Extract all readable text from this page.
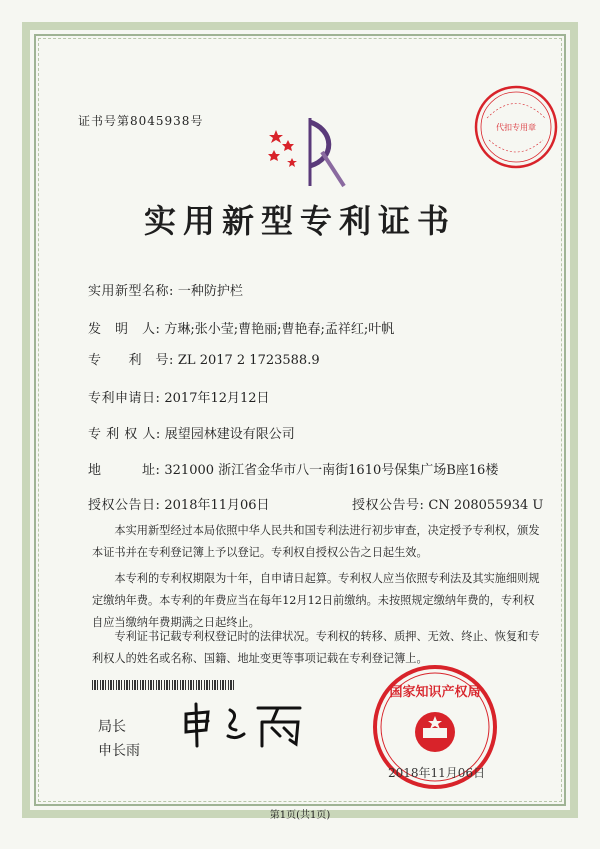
证书号第8045938号	代扣专用章
实用新型专利证书
实用新型名称: 一种防护栏
发　明　人: 方琳;张小莹;曹艳丽;曹艳春;孟祥红;叶帆
专　　利　号: ZL 2017 2 1723588.9
专利申请日: 2017年12月12日
专 利 权 人: 展望园林建设有限公司
地　　　址: 321000 浙江省金华市八一南街1610号保集广场B座16楼
授权公告日: 2018年11月06日	授权公告号: CN 208055934 U
　　本实用新型经过本局依照中华人民共和国专利法进行初步审查，决定授予专利权，颁发
本证书并在专利登记簿上予以登记。专利权自授权公告之日起生效。
　　本专利的专利权期限为十年，自申请日起算。专利权人应当依照专利法及其实施细则规
定缴纳年费。本专利的年费应当在每年12月12日前缴纳。未按照规定缴纳年费的，专利权
自应当缴纳年费期满之日起终止。
　　专利证书记载专利权登记时的法律状况。专利权的转移、质押、无效、终止、恢复和专
利权人的姓名或名称、国籍、地址变更等事项记载在专利登记簿上。
局长
申长雨
国家知识产权局
2018年11月06日
第1页(共1页)
